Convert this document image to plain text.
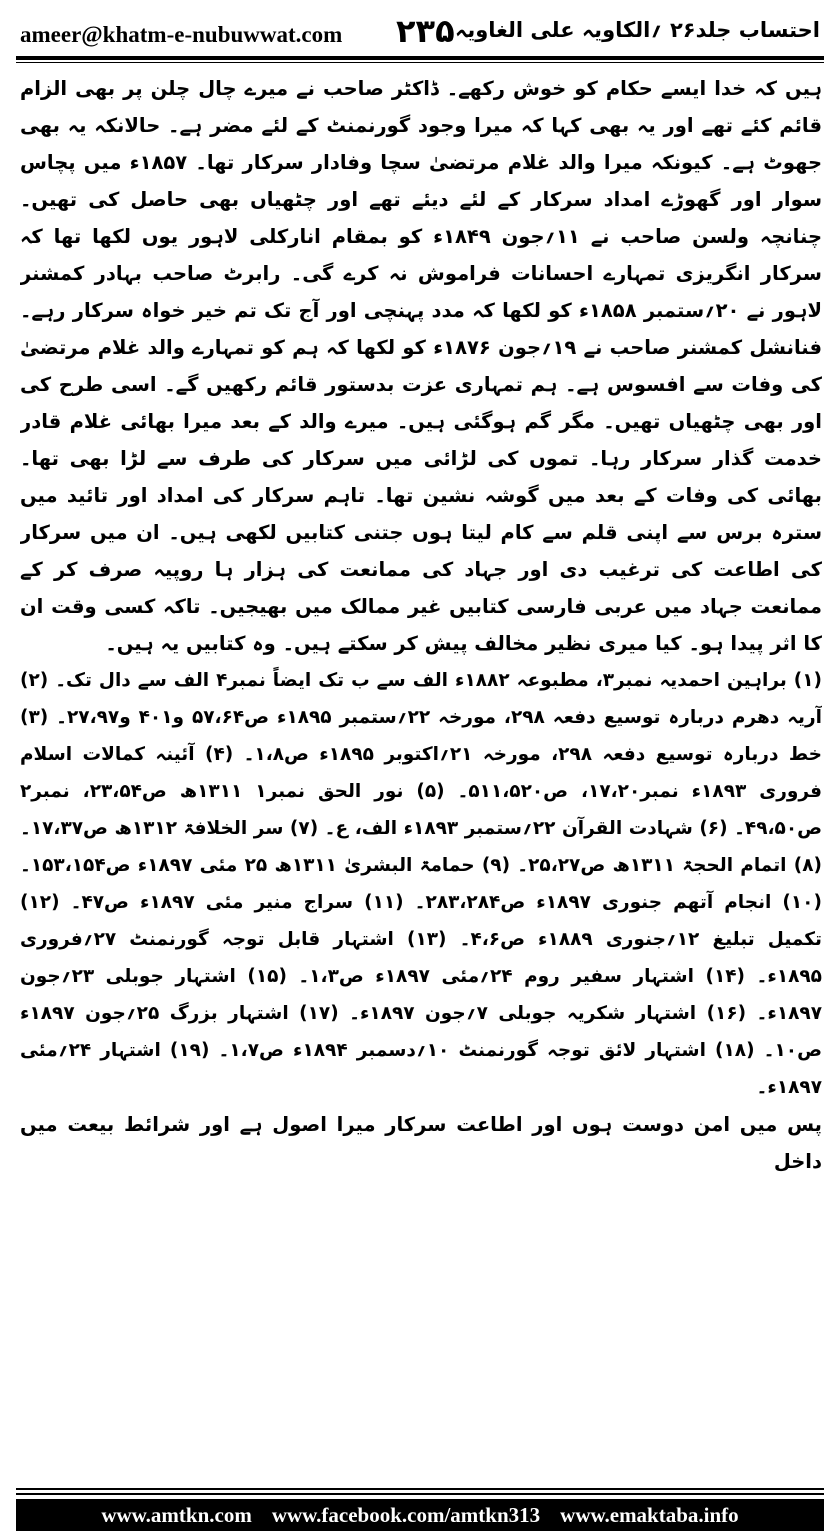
ameer@khatm-e-nubuwwat.com ۲۳۵ احتساب جلد۲۶ ؍الکاویہ علی الغاویہ

ہیں کہ خدا ایسے حکام کو خوش رکھے۔ ڈاکٹر صاحب نے میرے چال چلن پر بھی الزام قائم کئے تھے اور یہ بھی کہا کہ میرا وجود گورنمنٹ کے لئے مضر ہے۔ حالانکہ یہ بھی جھوٹ ہے۔ کیونکہ میرا والد غلام مرتضیٰ سچا وفادار سرکار تھا۔ ۱۸۵۷ء میں پچاس سوار اور گھوڑے امداد سرکار کے لئے دیئے تھے اور چٹھیاں بھی حاصل کی تھیں۔ چنانچہ ولسن صاحب نے ۱۱؍جون ۱۸۴۹ء کو بمقام انارکلی لاہور یوں لکھا تھا کہ سرکار انگریزی تمہارے احسانات فراموش نہ کرے گی۔ رابرٹ صاحب بہادر کمشنر لاہور نے ۲۰؍ستمبر ۱۸۵۸ء کو لکھا کہ مدد پہنچی اور آج تک تم خیر خواہ سرکار رہے۔ فنانشل کمشنر صاحب نے ۱۹؍جون ۱۸۷۶ء کو لکھا کہ ہم کو تمہارے والد غلام مرتضیٰ کی وفات سے افسوس ہے۔ ہم تمہاری عزت بدستور قائم رکھیں گے۔ اسی طرح کی اور بھی چٹھیاں تھیں۔ مگر گم ہوگئی ہیں۔ میرے والد کے بعد میرا بھائی غلام قادر خدمت گذار سرکار رہا۔ تموں کی لڑائی میں سرکار کی طرف سے لڑا بھی تھا۔ بھائی کی وفات کے بعد میں گوشہ نشین تھا۔ تاہم سرکار کی امداد اور تائید میں سترہ برس سے اپنی قلم سے کام لیتا ہوں جتنی کتابیں لکھی ہیں۔ ان میں سرکار کی اطاعت کی ترغیب دی اور جہاد کی ممانعت کی ہزار ہا روپیہ صرف کر کے ممانعت جہاد میں عربی فارسی کتابیں غیر ممالک میں بھیجیں۔ تاکہ کسی وقت ان کا اثر پیدا ہو۔ کیا میری نظیر مخالف پیش کر سکتے ہیں۔ وہ کتابیں یہ ہیں۔

(۱) براہین احمدیہ نمبر۳، مطبوعہ ۱۸۸۲ء الف سے ب تک ایضاً نمبر۴ الف سے دال تک۔ (۲) آریہ دھرم دربارہ توسیع دفعہ ۲۹۸، مورخہ ۲۲؍ستمبر ۱۸۹۵ء ص۵۷،۶۴ و۴۰۱ و۲۷،۹۷۔ (۳) خط دربارہ توسیع دفعہ ۲۹۸، مورخہ ۲۱؍اکتوبر ۱۸۹۵ء ص۱،۸۔ (۴) آئینہ کمالات اسلام فروری ۱۸۹۳ء نمبر۱۷،۲۰، ص۵۱۱،۵۲۰۔ (۵) نور الحق نمبر۱ ۱۳۱۱ھ ص۲۳،۵۴، نمبر۲ ص۴۹،۵۰۔ (۶) شہادت القرآن ۲۲؍ستمبر ۱۸۹۳ء الف، ع۔ (۷) سر الخلافۃ ۱۳۱۲ھ ص۱۷،۳۷۔ (۸) اتمام الحجۃ ۱۳۱۱ھ ص۲۵،۲۷۔ (۹) حمامۃ البشریٰ ۱۳۱۱ھ ۲۵ مئی ۱۸۹۷ء ص۱۵۳،۱۵۴۔ (۱۰) انجام آتھم جنوری ۱۸۹۷ء ص۲۸۳،۲۸۴۔ (۱۱) سراج منیر مئی ۱۸۹۷ء ص۴۷۔ (۱۲) تکمیل تبلیغ ۱۲؍جنوری ۱۸۸۹ء ص۴،۶۔ (۱۳) اشتہار قابل توجہ گورنمنٹ ۲۷؍فروری ۱۸۹۵ء۔ (۱۴) اشتہار سفیر روم ۲۴؍مئی ۱۸۹۷ء ص۱،۳۔ (۱۵) اشتہار جوبلی ۲۳؍جون ۱۸۹۷ء۔ (۱۶) اشتہار شکریہ جوبلی ۷؍جون ۱۸۹۷ء۔ (۱۷) اشتہار بزرگ ۲۵؍جون ۱۸۹۷ء ص۱۰۔ (۱۸) اشتہار لائق توجہ گورنمنٹ ۱۰؍دسمبر ۱۸۹۴ء ص۱،۷۔ (۱۹) اشتہار ۲۴؍مئی ۱۸۹۷ء۔

پس میں امن دوست ہوں اور اطاعت سرکار میرا اصول ہے اور شرائط بیعت میں داخل

www.amtkn.com www.facebook.com/amtkn313 www.emaktaba.info
